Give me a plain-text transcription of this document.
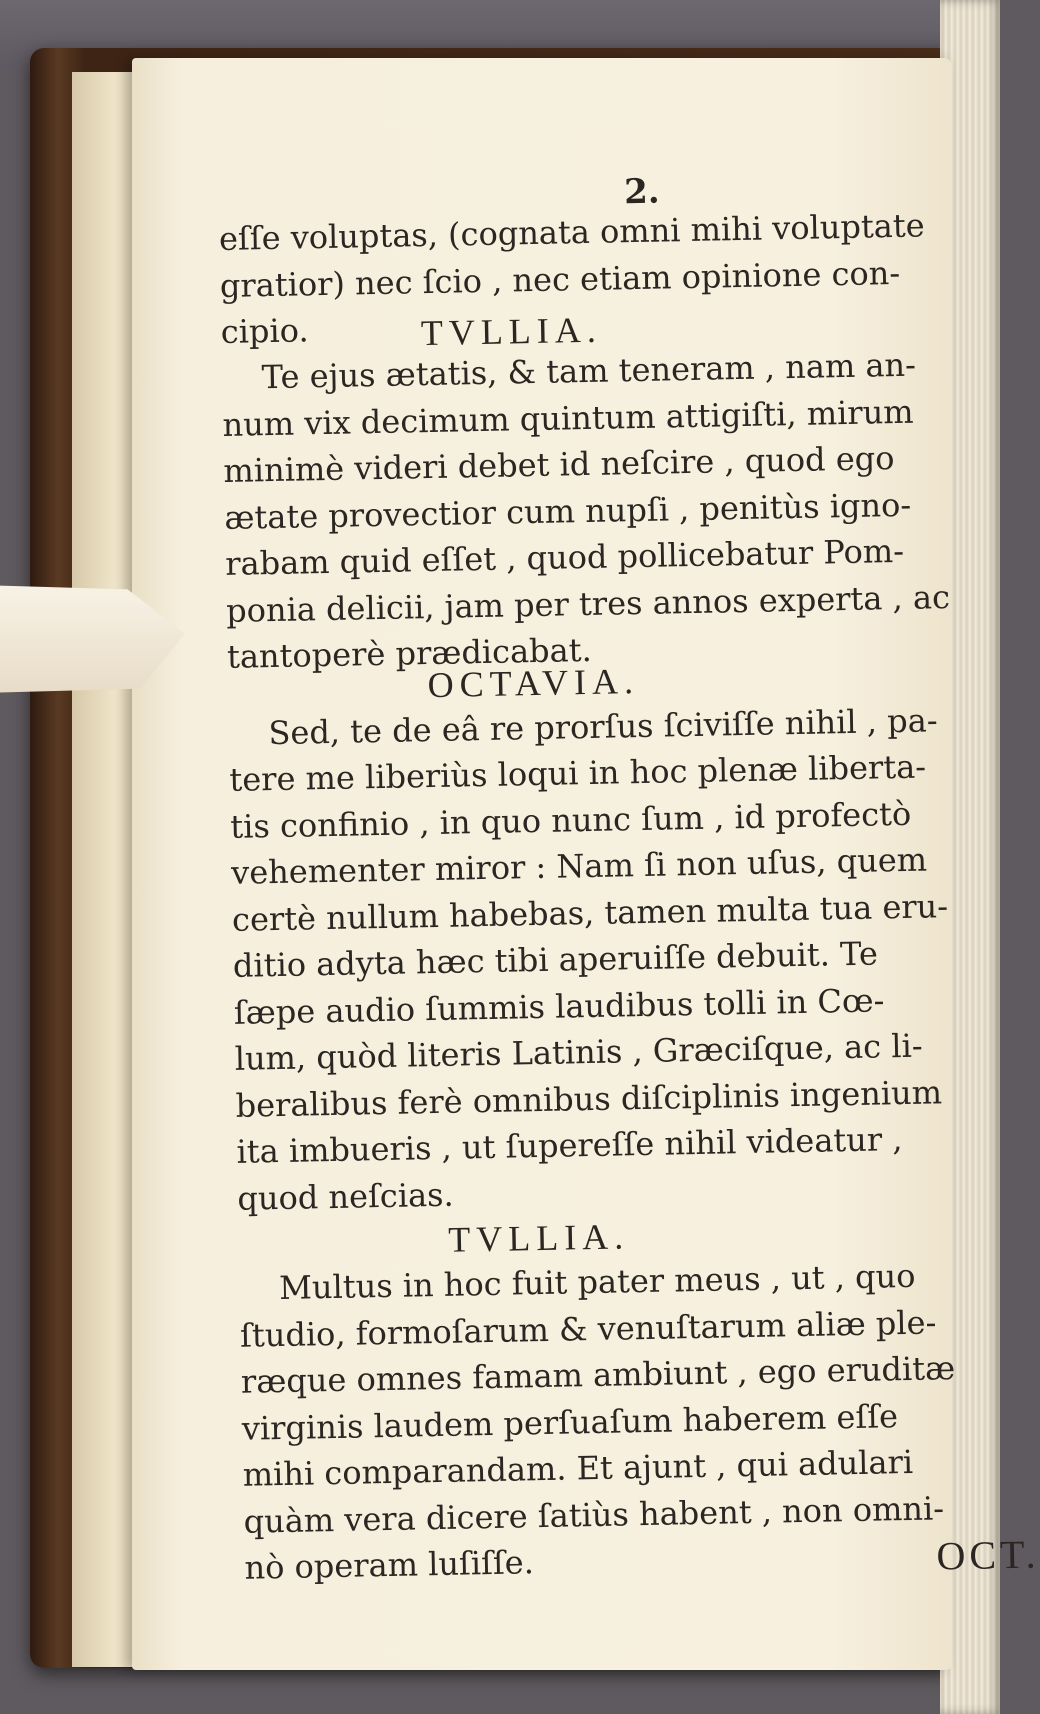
2.
eſſe voluptas, (cognata omni mihi voluptate
gratior) nec ſcio , nec etiam opinione con-
cipio.	TVLLIA.
Te ejus ætatis, & tam teneram , nam an-
num vix decimum quintum attigiſti, mirum
minimè videri debet id neſcire , quod ego
ætate provectior cum nupſi , penitùs igno-
rabam quid eſſet , quod pollicebatur Pom-
ponia delicii, jam per tres annos experta , ac
tantoperè prædicabat.
OCTAVIA.
Sed, te de eâ re prorſus ſciviſſe nihil , pa-
tere me liberiùs loqui in hoc plenæ liberta-
tis confinio , in quo nunc ſum , id profectò
vehementer miror : Nam ſi non uſus, quem
certè nullum habebas, tamen multa tua eru-
ditio adyta hæc tibi aperuiſſe debuit. Te
ſæpe audio ſummis laudibus tolli in Cœ-
lum, quòd literis Latinis , Græciſque, ac li-
beralibus ferè omnibus diſciplinis ingenium
ita imbueris , ut ſupereſſe nihil videatur ,
quod neſcias.
TVLLIA.
Multus in hoc fuit pater meus , ut , quo
ſtudio, formoſarum & venuſtarum aliæ ple-
ræque omnes famam ambiunt , ego eruditæ
virginis laudem perſuaſum haberem eſſe
mihi comparandam. Et ajunt , qui adulari
quàm vera dicere ſatiùs habent , non omni-
nò operam luſiſſe.	OCT.
